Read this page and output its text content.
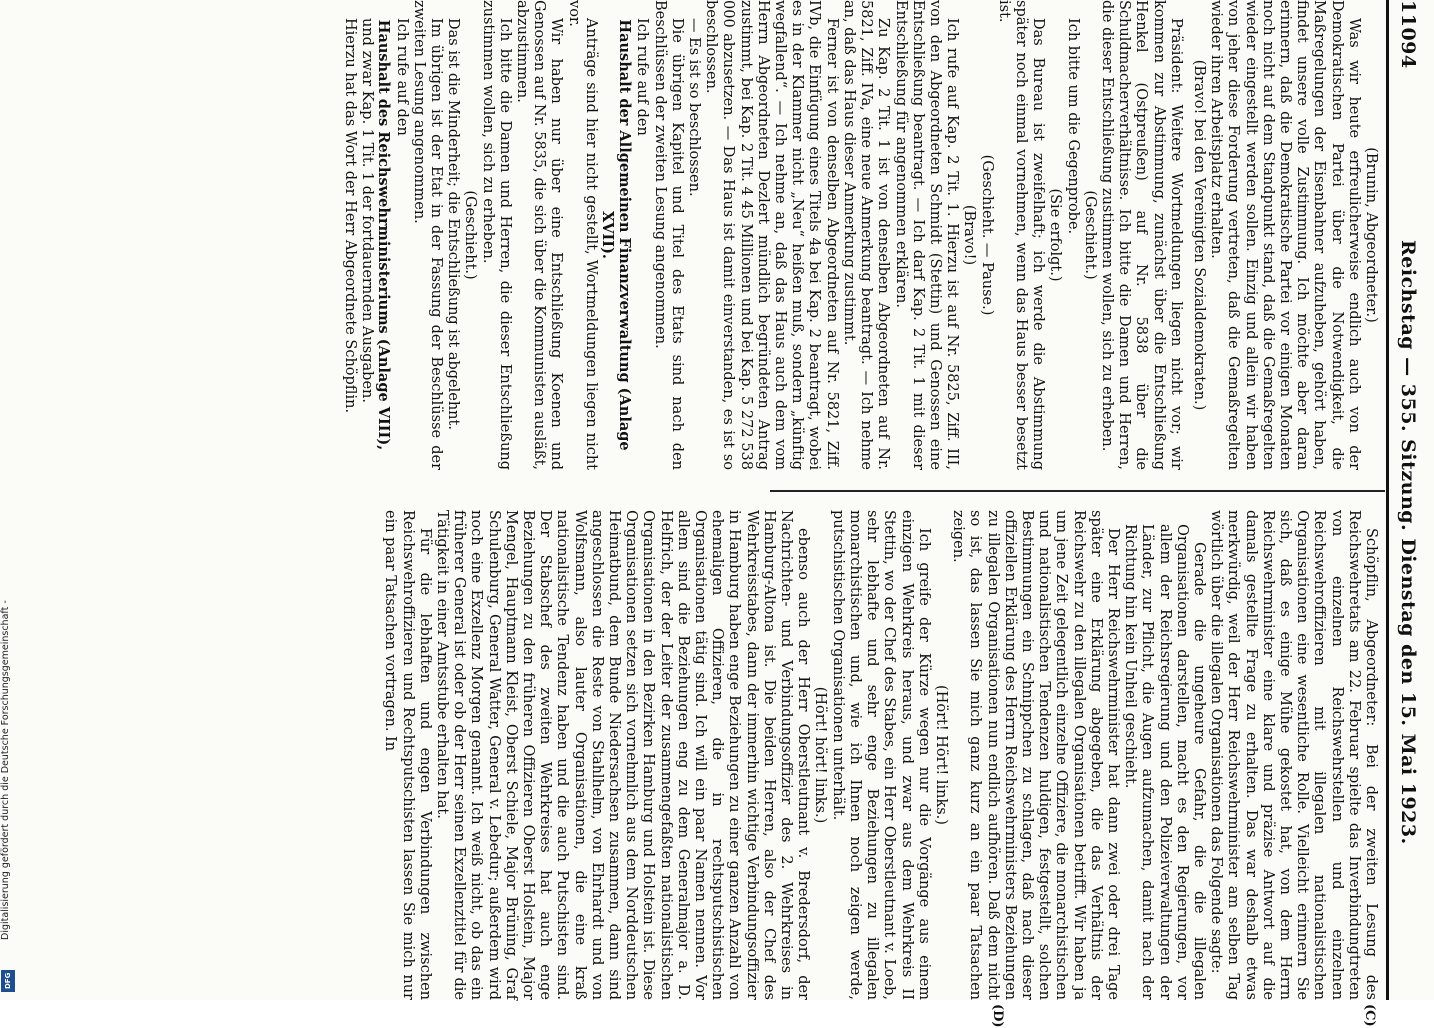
11094
Reichstag — 355. Sitzung. Dienstag den 15. Mai 1923.
(C)
(D)

(Brunin, Abgeordneter.)

Was wir heute erfreulicherweise endlich auch von der Demokratischen Partei über die Notwendigkeit, die Maßregelungen der Eisenbahner aufzuheben, gehört haben, findet unsere volle Zustimmung. Ich möchte aber daran erinnern, daß die Demokratische Partei vor einigen Monaten noch nicht auf dem Standpunkt stand, daß die Gemaßregelten wieder eingestellt werden sollen. Einzig und allein wir haben von jeher diese Forderung vertreten, daß die Gemaßregelten wieder ihren Arbeitsplatz erhalten.

(Bravo! bei den Vereinigten Sozialdemokraten.)

Präsident: Weitere Wortmeldungen liegen nicht vor; wir kommen zur Abstimmung, zunächst über die Entschließung Henkel (Ostpreußen) auf Nr. 5838 über die Schuldmacherverhältnisse. Ich bitte die Damen und Herren, die dieser Entschließung zustimmen wollen, sich zu erheben.

(Geschieht.)

Ich bitte um die Gegenprobe.

(Sie erfolgt.)

Das Bureau ist zweifelhaft; ich werde die Abstimmung später noch einmal vornehmen, wenn das Haus besser besetzt ist.

(Geschieht. — Pause.)

(Bravo!)

Ich rufe auf Kap. 2 Tit. 1. Hierzu ist auf Nr. 5825, Ziff. III, von den Abgeordneten Schmidt (Stettin) und Genossen eine Entschließung beantragt. — Ich darf Kap. 2 Tit. 1 mit dieser Entschließung für angenommen erklären.

Zu Kap. 2 Tit. 1 ist von denselben Abgeordneten auf Nr. 5821, Ziff. IVa, eine neue Anmerkung beantragt. — Ich nehme an, daß das Haus dieser Anmerkung zustimmt.

Ferner ist von denselben Abgeordneten auf Nr. 5821, Ziff. IVb, die Einfügung eines Titels 4a bei Kap. 2 beantragt, wobei es in der Klammer nicht „Neu“ heißen muß, sondern „künftig wegfallend“. — Ich nehme an, daß das Haus auch dem vom Herrn Abgeordneten Dezlert mündlich begründeten Antrag zustimmt, bei Kap. 2 Tit. 4 45 Millionen und bei Kap. 5 272 538 000 abzusetzen. — Das Haus ist damit einverstanden, es ist so beschlossen.

— Es ist so beschlossen.

Die übrigen Kapitel und Titel des Etats sind nach den Beschlüssen der zweiten Lesung angenommen.

Ich rufe auf den

Haushalt der Allgemeinen Finanzverwaltung (Anlage XVII).

Anträge sind hier nicht gestellt, Wortmeldungen liegen nicht vor.

Wir haben nur über eine Entschließung Koenen und Genossen auf Nr. 5835, die sich über die Kommunisten ausläßt, abzustimmen.

Ich bitte die Damen und Herren, die dieser Entschließung zustimmen wollen, sich zu erheben.

(Geschieht.)

Das ist die Minderheit; die Entschließung ist abgelehnt.

Im übrigen ist der Etat in der Fassung der Beschlüsse der zweiten Lesung angenommen.

Ich rufe auf den

Haushalt des Reichswehrministeriums (Anlage VIII),

und zwar Kap. 1 Tit. 1 der fortdauernden Ausgaben.

Hierzu hat das Wort der Herr Abgeordnete Schöpflin.

Schöpflin, Abgeordneter: Bei der zweiten Lesung des Reichswehretats am 22. Februar spielte das Inverbindungtreten von einzelnen Reichswehrstellen und einzelnen Reichswehroffizieren mit illegalen nationalistischen Organisationen eine wesentliche Rolle. Vielleicht erinnern Sie sich, daß es einige Mühe gekostet hat, von dem Herrn Reichswehrminister eine klare und präzise Antwort auf die damals gestellte Frage zu erhalten. Das war deshalb etwas merkwürdig, weil der Herr Reichswehrminister am selben Tag wörtlich über die illegalen Organisationen das Folgende sagte:

Gerade die ungeheure Gefahr, die die illegalen Organisationen darstellen, macht es den Regierungen, vor allem der Reichsregierung und den Polizeiverwaltungen der Länder, zur Pflicht, die Augen aufzumachen, damit nach der Richtung hin kein Unheil geschieht.

Der Herr Reichswehrminister hat dann zwei oder drei Tage später eine Erklärung abgegeben, die das Verhältnis der Reichswehr zu den illegalen Organisationen betrifft. Wir haben ja um jene Zeit gelegentlich einzelne Offiziere, die monarchistischen und nationalistischen Tendenzen huldigen, festgestellt, solchen Bestimmungen ein Schnippchen zu schlagen, daß nach dieser offiziellen Erklärung des Herrn Reichswehrministers Beziehungen zu illegalen Organisationen nun endlich aufhören. Daß dem nicht so ist, das lassen Sie mich ganz kurz an ein paar Tatsachen zeigen.

(Hört! Hört! links.)

Ich greife der Kürze wegen nur die Vorgänge aus einem einzigen Wehrkreis heraus, und zwar aus dem Wehrkreis II Stettin, wo der Chef des Stabes, ein Herr Oberstleutnant v. Loeb, sehr lebhafte und sehr enge Beziehungen zu illegalen monarchistischen und, wie ich Ihnen noch zeigen werde, putschistischen Organisationen unterhält.

(Hört! hört! links.)

ebenso auch der Herr Oberstleutnant v. Bredersdorf, der Nachrichten- und Verbindungsoffizier des 2. Wehrkreises in Hamburg-Altona ist. Die beiden Herren, also der Chef des Wehrkreisstabes, dann der immerhin wichtige Verbindungsoffizier in Hamburg haben enge Beziehungen zu einer ganzen Anzahl von ehemaligen Offizieren, die in rechtsputschistischen Organisationen tätig sind. Ich will ein paar Namen nennen. Vor allem sind die Beziehungen eng zu dem Generalmajor a. D. Helfrich, der der Leiter der zusammengefaßten nationalistischen Organisationen in den Bezirken Hamburg und Holstein ist. Diese Organisationen setzen sich vornehmlich aus dem Norddeutschen Heimatbund, dem Bunde Niedersachsen zusammen, dann sind angeschlossen die Reste von Stahlhelm, von Ehrhardt und von Wolfsmann, also lauter Organisationen, die eine kraß nationalistische Tendenz haben und die auch Putschisten sind. Der Stabschef des zweiten Wehrkreises hat auch enge Beziehungen zu den früheren Offizieren Oberst Holstein, Major Mengel, Hauptmann Kleist, Oberst Schiele, Major Brüning, Graf Schulenburg, General Watter, General v. Lebedur; außerdem wird noch eine Exzellenz Morgen genannt. Ich weiß nicht, ob das ein früherer General ist oder ob der Herr seinen Exzellenztitel für die Tätigkeit in einer Amtsstube erhalten hat.

Für die lebhaften und engen Verbindungen zwischen Reichswehroffizieren und Rechtsputschisten lassen Sie mich nur ein paar Tatsachen vortragen. In

Digitalisierung gefördert durch die Deutsche Forschungsgemeinschaft -
DFG
